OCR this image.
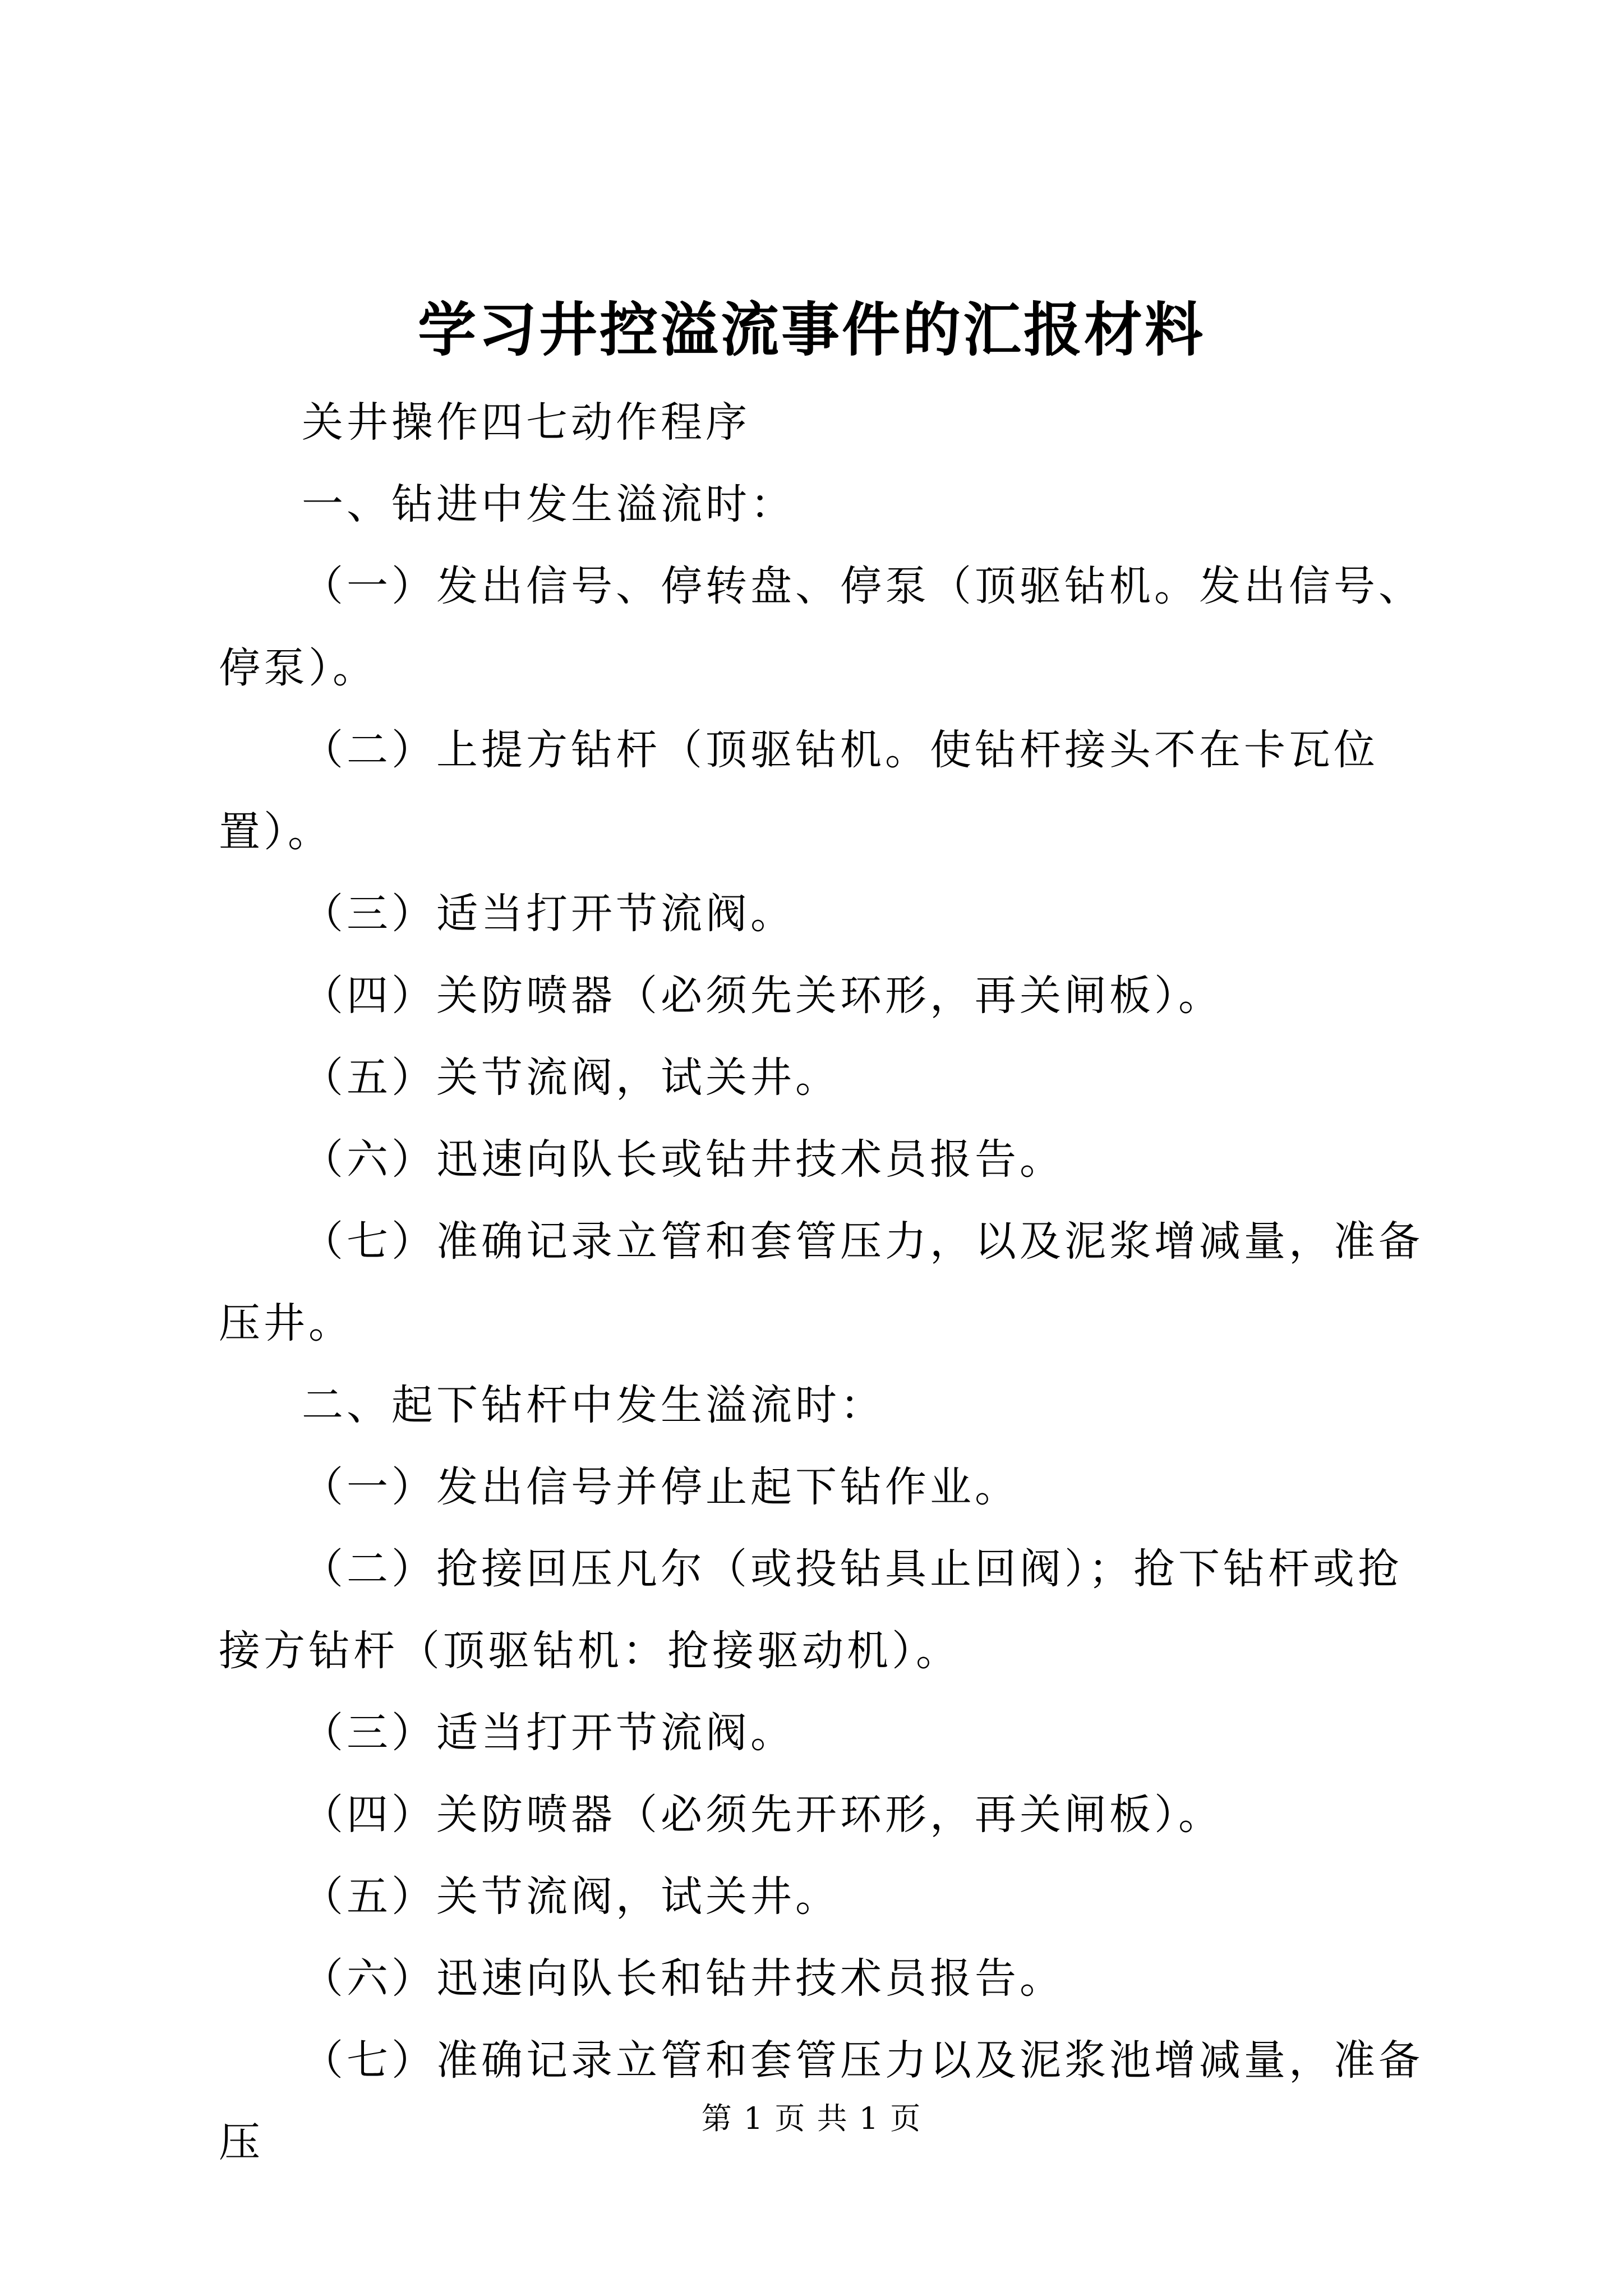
学习井控溢流事件的汇报材料

关井操作四七动作程序

一、钻进中发生溢流时：

（一）发出信号、停转盘、停泵（顶驱钻机。发出信号、停泵）。

（二）上提方钻杆（顶驱钻机。使钻杆接头不在卡瓦位置）。

（三）适当打开节流阀。

（四）关防喷器（必须先关环形，再关闸板）。

（五）关节流阀，试关井。

（六）迅速向队长或钻井技术员报告。

（七）准确记录立管和套管压力，以及泥浆增减量，准备压井。

二、起下钻杆中发生溢流时：

（一）发出信号并停止起下钻作业。

（二）抢接回压凡尔（或投钻具止回阀）；抢下钻杆或抢接方钻杆（顶驱钻机：抢接驱动机）。

（三）适当打开节流阀。

（四）关防喷器（必须先开环形，再关闸板）。

（五）关节流阀，试关井。

（六）迅速向队长和钻井技术员报告。

（七）准确记录立管和套管压力以及泥浆池增减量，准备压	第 1 页 共 1 页
